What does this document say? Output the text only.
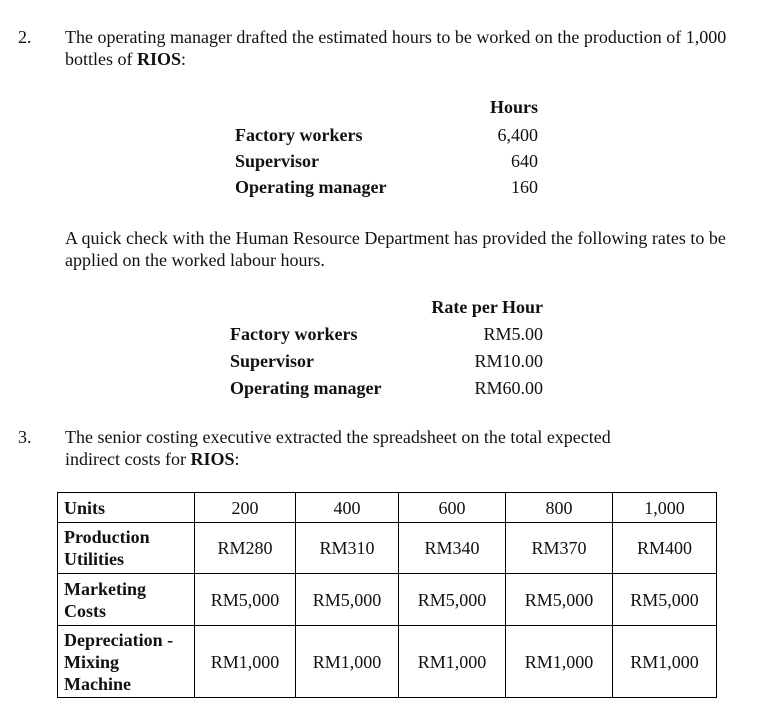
2. The operating manager drafted the estimated hours to be worked on the production of 1,000 bottles of RIOS:
Hours
Factory workers	6,400
Supervisor	640
Operating manager	160
A quick check with the Human Resource Department has provided the following rates to be applied on the worked labour hours.
Rate per Hour
Factory workers	RM5.00
Supervisor	RM10.00
Operating manager	RM60.00
3. The senior costing executive extracted the spreadsheet on the total expected indirect costs for RIOS:
Units	200	400	600	800	1,000
Production Utilities	RM280	RM310	RM340	RM370	RM400
Marketing Costs	RM5,000	RM5,000	RM5,000	RM5,000	RM5,000
Depreciation - Mixing Machine	RM1,000	RM1,000	RM1,000	RM1,000	RM1,000
